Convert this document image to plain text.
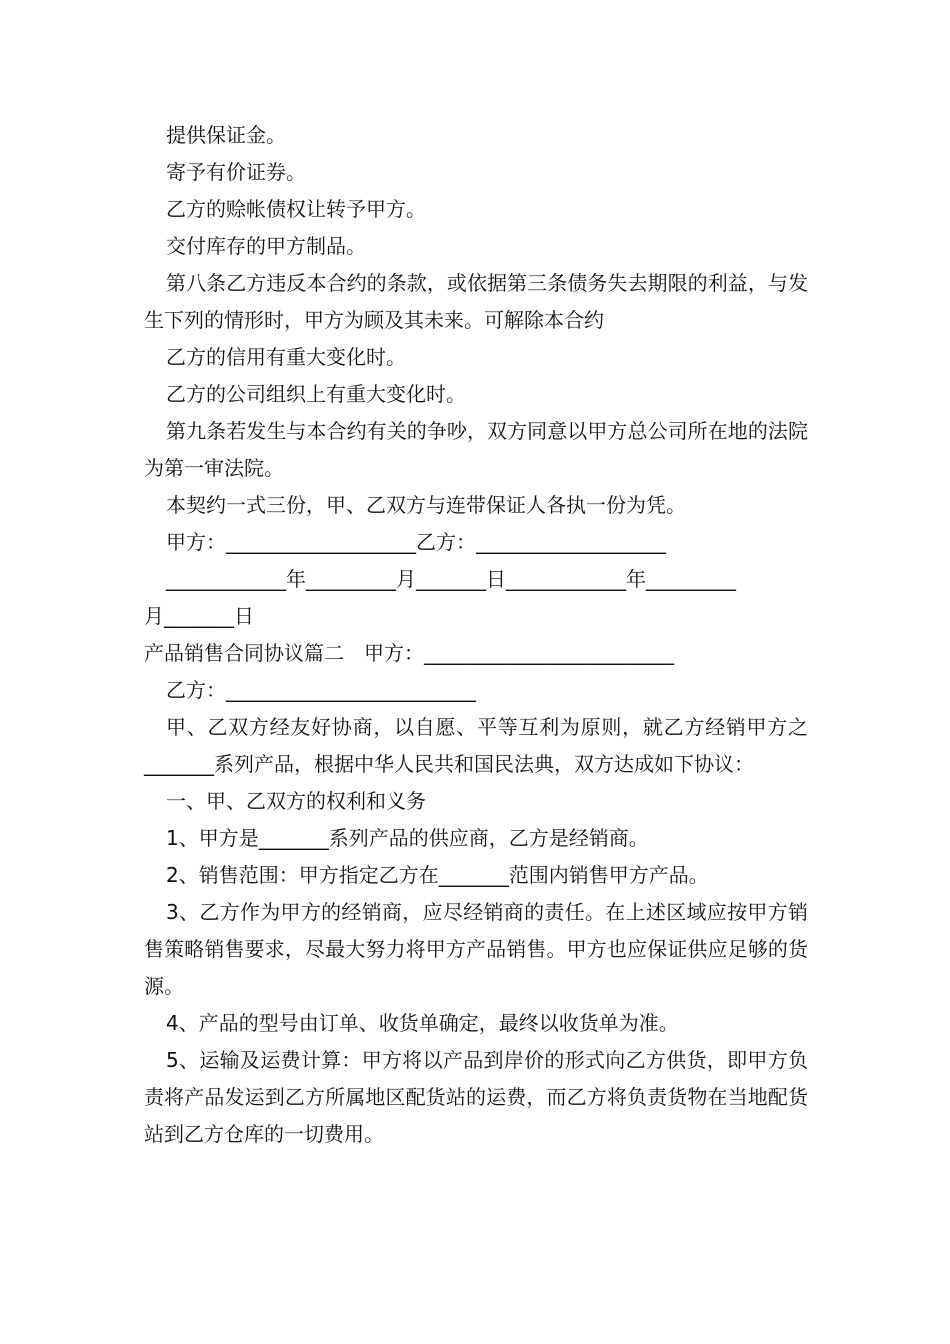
提供保证金。
寄予有价证券。
乙方的赊帐债权让转予甲方。
交付库存的甲方制品。
第八条乙方违反本合约的条款，或依据第三条债务失去期限的利益，与发生下列的情形时，甲方为顾及其未来。可解除本合约
乙方的信用有重大变化时。
乙方的公司组织上有重大变化时。
第九条若发生与本合约有关的争吵，双方同意以甲方总公司所在地的法院为第一审法院。
本契约一式三份，甲、乙双方与连带保证人各执一份为凭。
甲方：___________________乙方：___________________
____________年_________月_______日____________年_________
月_______日
产品销售合同协议篇二　甲方：_________________________
乙方：_________________________
甲、乙双方经友好协商，以自愿、平等互利为原则，就乙方经销甲方之_______系列产品，根据中华人民共和国民法典，双方达成如下协议：
一、甲、乙双方的权利和义务
1、甲方是_______系列产品的供应商，乙方是经销商。
2、销售范围：甲方指定乙方在_______范围内销售甲方产品。
3、乙方作为甲方的经销商，应尽经销商的责任。在上述区域应按甲方销售策略销售要求，尽最大努力将甲方产品销售。甲方也应保证供应足够的货源。
4、产品的型号由订单、收货单确定，最终以收货单为准。
5、运输及运费计算：甲方将以产品到岸价的形式向乙方供货，即甲方负责将产品发运到乙方所属地区配货站的运费，而乙方将负责货物在当地配货站到乙方仓库的一切费用。
